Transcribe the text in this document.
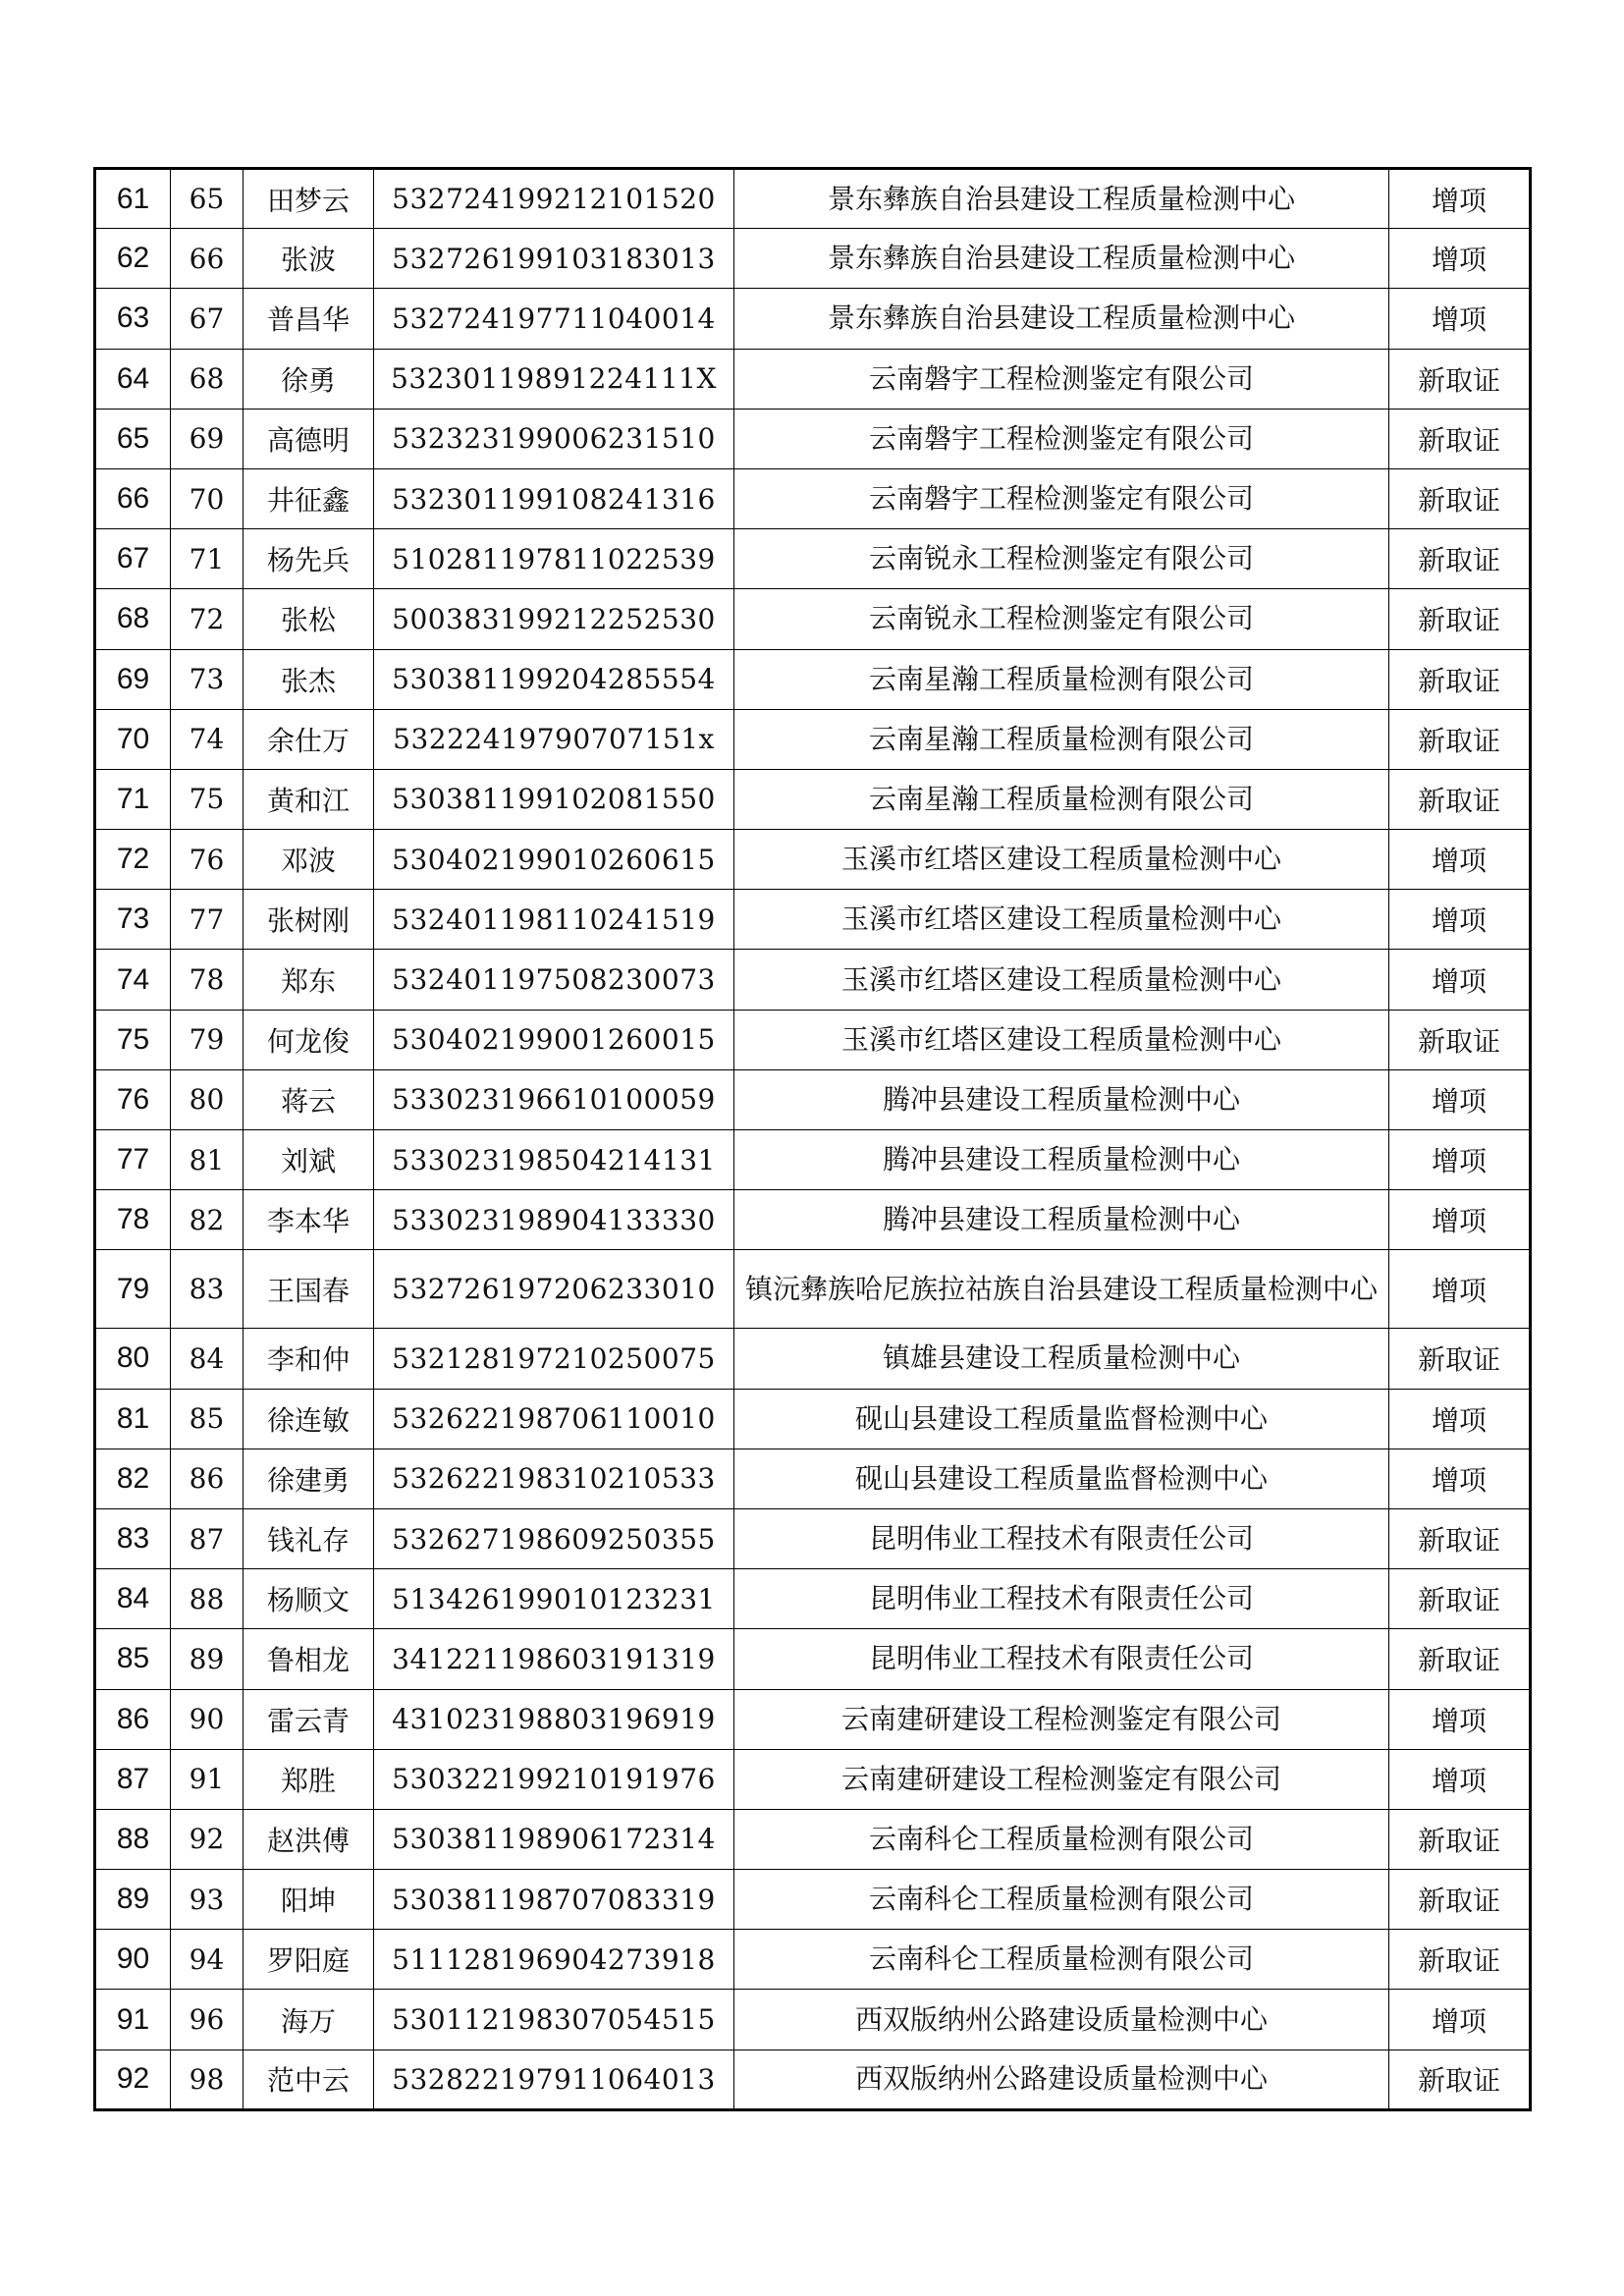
61	65	田梦云	532724199212101520	景东彝族自治县建设工程质量检测中心	增项
62	66	张波	532726199103183013	景东彝族自治县建设工程质量检测中心	增项
63	67	普昌华	532724197711040014	景东彝族自治县建设工程质量检测中心	增项
64	68	徐勇	53230119891224111X	云南磐宇工程检测鉴定有限公司	新取证
65	69	高德明	532323199006231510	云南磐宇工程检测鉴定有限公司	新取证
66	70	井征鑫	532301199108241316	云南磐宇工程检测鉴定有限公司	新取证
67	71	杨先兵	510281197811022539	云南锐永工程检测鉴定有限公司	新取证
68	72	张松	500383199212252530	云南锐永工程检测鉴定有限公司	新取证
69	73	张杰	530381199204285554	云南星瀚工程质量检测有限公司	新取证
70	74	余仕万	53222419790707151x	云南星瀚工程质量检测有限公司	新取证
71	75	黄和江	530381199102081550	云南星瀚工程质量检测有限公司	新取证
72	76	邓波	530402199010260615	玉溪市红塔区建设工程质量检测中心	增项
73	77	张树刚	532401198110241519	玉溪市红塔区建设工程质量检测中心	增项
74	78	郑东	532401197508230073	玉溪市红塔区建设工程质量检测中心	增项
75	79	何龙俊	530402199001260015	玉溪市红塔区建设工程质量检测中心	新取证
76	80	蒋云	533023196610100059	腾冲县建设工程质量检测中心	增项
77	81	刘斌	533023198504214131	腾冲县建设工程质量检测中心	增项
78	82	李本华	533023198904133330	腾冲县建设工程质量检测中心	增项
79	83	王国春	532726197206233010	镇沅彝族哈尼族拉祜族自治县建设工程质量检测中心	增项
80	84	李和仲	532128197210250075	镇雄县建设工程质量检测中心	新取证
81	85	徐连敏	532622198706110010	砚山县建设工程质量监督检测中心	增项
82	86	徐建勇	532622198310210533	砚山县建设工程质量监督检测中心	增项
83	87	钱礼存	532627198609250355	昆明伟业工程技术有限责任公司	新取证
84	88	杨顺文	513426199010123231	昆明伟业工程技术有限责任公司	新取证
85	89	鲁相龙	341221198603191319	昆明伟业工程技术有限责任公司	新取证
86	90	雷云青	431023198803196919	云南建研建设工程检测鉴定有限公司	增项
87	91	郑胜	530322199210191976	云南建研建设工程检测鉴定有限公司	增项
88	92	赵洪傅	530381198906172314	云南科仑工程质量检测有限公司	新取证
89	93	阳坤	530381198707083319	云南科仑工程质量检测有限公司	新取证
90	94	罗阳庭	511128196904273918	云南科仑工程质量检测有限公司	新取证
91	96	海万	530112198307054515	西双版纳州公路建设质量检测中心	增项
92	98	范中云	532822197911064013	西双版纳州公路建设质量检测中心	新取证
